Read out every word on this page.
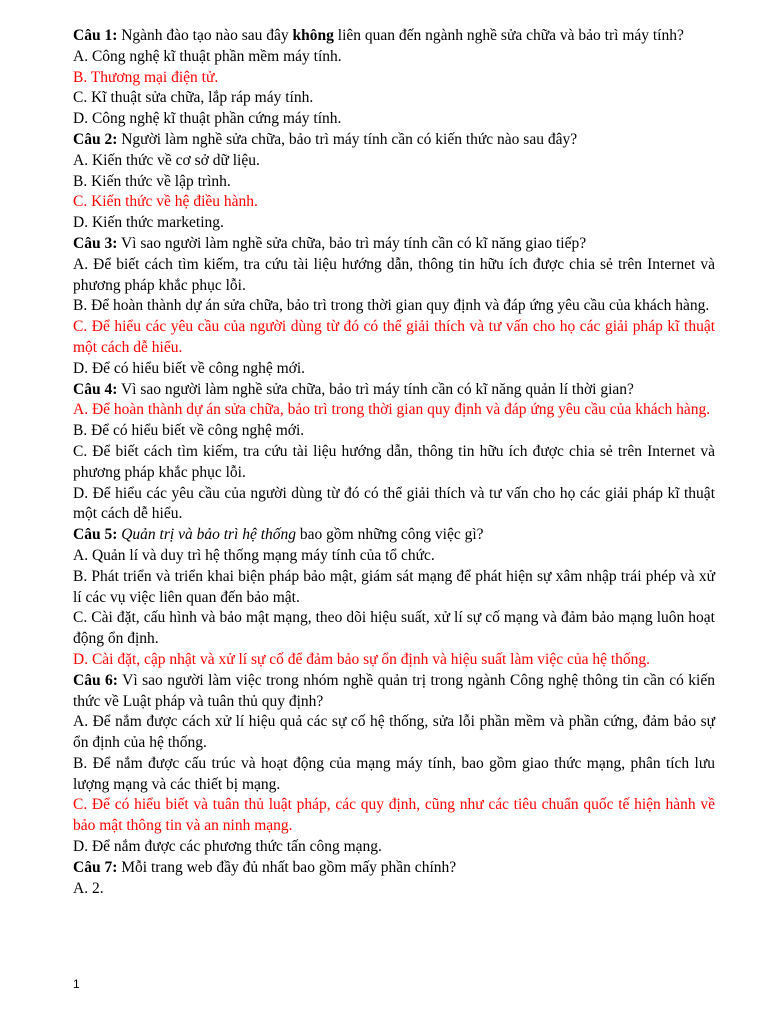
Câu 1: Ngành đào tạo nào sau đây không liên quan đến ngành nghề sửa chữa và bảo trì máy tính?

A. Công nghệ kĩ thuật phần mềm máy tính.

B. Thương mại điện tử.

C. Kĩ thuật sửa chữa, lắp ráp máy tính.

D. Công nghệ kĩ thuật phần cứng máy tính.

Câu 2: Người làm nghề sửa chữa, bảo trì máy tính cần có kiến thức nào sau đây?

A. Kiến thức về cơ sở dữ liệu.

B. Kiến thức về lập trình.

C. Kiến thức về hệ điều hành.

D. Kiến thức marketing.

Câu 3: Vì sao người làm nghề sửa chữa, bảo trì máy tính cần có kĩ năng giao tiếp?

A. Để biết cách tìm kiếm, tra cứu tài liệu hướng dẫn, thông tin hữu ích được chia sẻ trên Internet và phương pháp khắc phục lỗi.

B. Để hoàn thành dự án sửa chữa, bảo trì trong thời gian quy định và đáp ứng yêu cầu của khách hàng.

C. Để hiểu các yêu cầu của người dùng từ đó có thể giải thích và tư vấn cho họ các giải pháp kĩ thuật một cách dễ hiểu.

D. Để có hiểu biết về công nghệ mới.

Câu 4: Vì sao người làm nghề sửa chữa, bảo trì máy tính cần có kĩ năng quản lí thời gian?

A. Để hoàn thành dự án sửa chữa, bảo trì trong thời gian quy định và đáp ứng yêu cầu của khách hàng.

B. Để có hiểu biết về công nghệ mới.

C. Để biết cách tìm kiếm, tra cứu tài liệu hướng dẫn, thông tin hữu ích được chia sẻ trên Internet và phương pháp khắc phục lỗi.

D. Để hiểu các yêu cầu của người dùng từ đó có thể giải thích và tư vấn cho họ các giải pháp kĩ thuật một cách dễ hiểu.

Câu 5: Quản trị và bảo trì hệ thống bao gồm những công việc gì?

A. Quản lí và duy trì hệ thống mạng máy tính của tổ chức.

B. Phát triển và triển khai biện pháp bảo mật, giám sát mạng để phát hiện sự xâm nhập trái phép và xử lí các vụ việc liên quan đến bảo mật.

C. Cài đặt, cấu hình và bảo mật mạng, theo dõi hiệu suất, xử lí sự cố mạng và đảm bảo mạng luôn hoạt động ổn định.

D. Cài đặt, cập nhật và xử lí sự cố để đảm bảo sự ổn định và hiệu suất làm việc của hệ thống.

Câu 6: Vì sao người làm việc trong nhóm nghề quản trị trong ngành Công nghệ thông tin cần có kiến thức về Luật pháp và tuân thủ quy định?

A. Để nắm được cách xử lí hiệu quả các sự cố hệ thống, sửa lỗi phần mềm và phần cứng, đảm bảo sự ổn định của hệ thống.

B. Để nắm được cấu trúc và hoạt động của mạng máy tính, bao gồm giao thức mạng, phân tích lưu lượng mạng và các thiết bị mạng.

C. Để có hiểu biết và tuân thủ luật pháp, các quy định, cũng như các tiêu chuẩn quốc tế hiện hành về bảo mật thông tin và an ninh mạng.

D. Để nắm được các phương thức tấn công mạng.

Câu 7: Mỗi trang web đầy đủ nhất bao gồm mấy phần chính?

A. 2.

1
